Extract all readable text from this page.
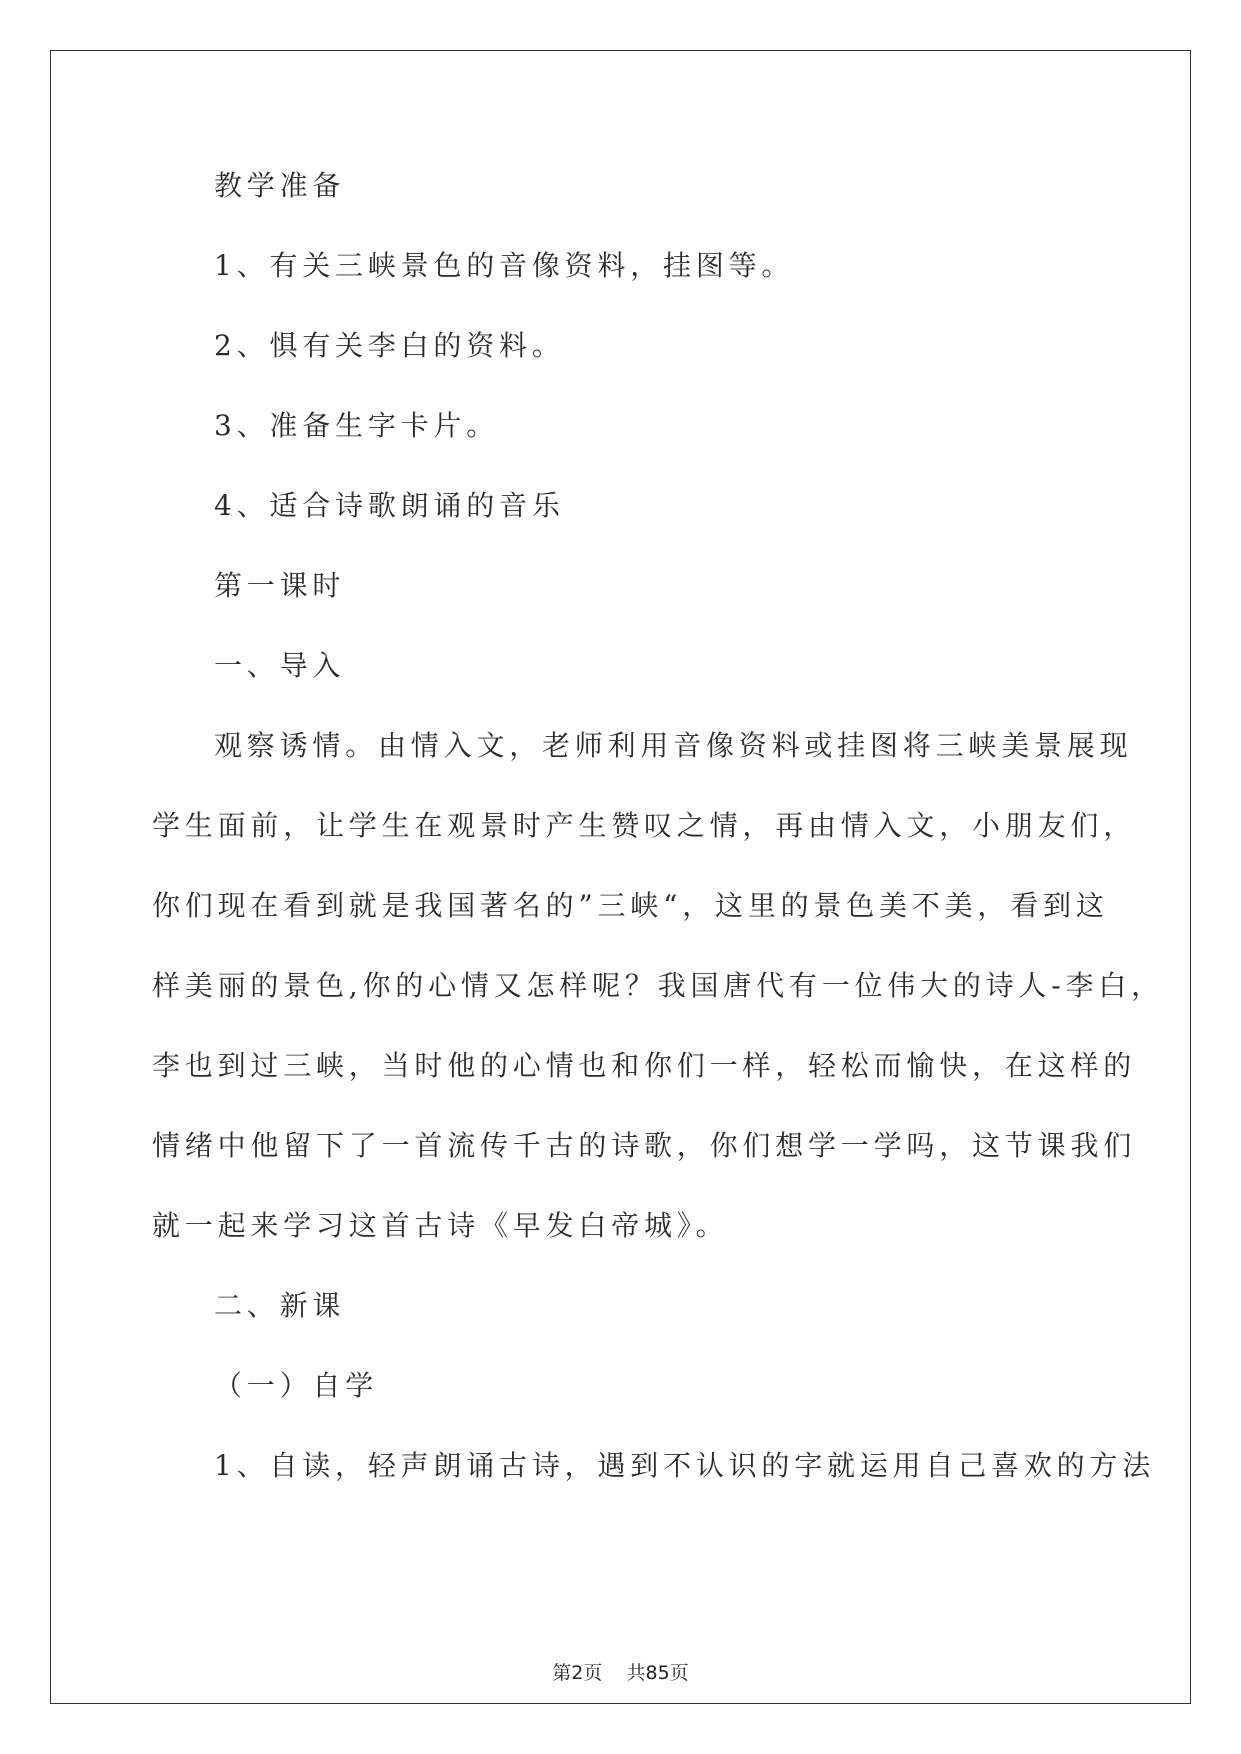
教学准备
1、有关三峡景色的音像资料，挂图等。
2、惧有关李白的资料。
3、准备生字卡片。
4、适合诗歌朗诵的音乐
第一课时
一、导入
观察诱情。由情入文，老师利用音像资料或挂图将三峡美景展现
学生面前，让学生在观景时产生赞叹之情，再由情入文，小朋友们，
你们现在看到就是我国著名的”三峡“，这里的景色美不美，看到这
样美丽的景色,你的心情又怎样呢？我国唐代有一位伟大的诗人-李白，
李也到过三峡，当时他的心情也和你们一样，轻松而愉快，在这样的
情绪中他留下了一首流传千古的诗歌，你们想学一学吗，这节课我们
就一起来学习这首古诗《早发白帝城》。
二、新课
（一）自学
1、自读，轻声朗诵古诗，遇到不认识的字就运用自己喜欢的方法
第2页 共85页
